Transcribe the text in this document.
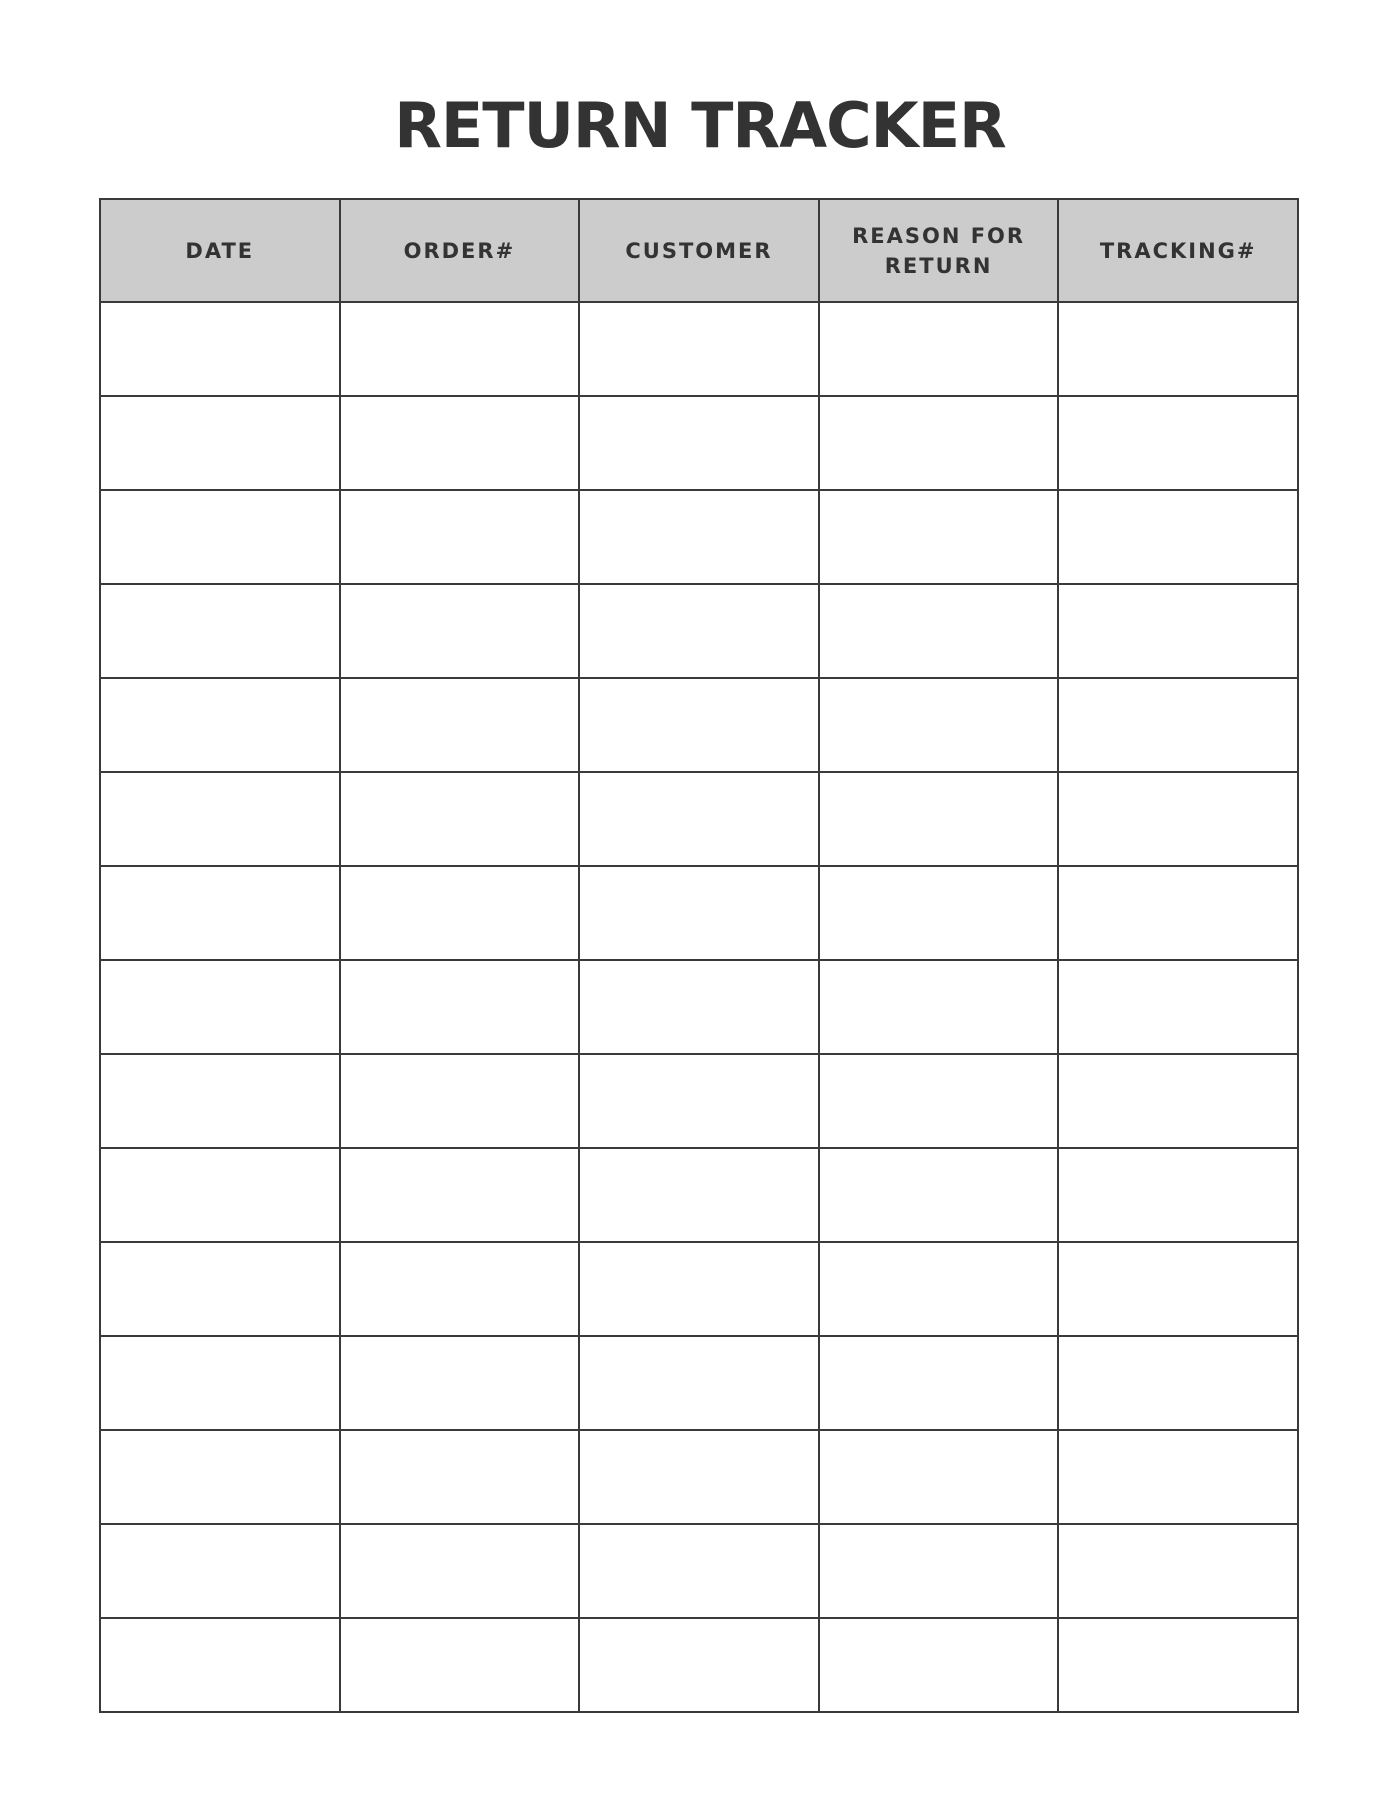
RETURN TRACKER
DATE	ORDER#	CUSTOMER	REASON FOR RETURN	TRACKING#
